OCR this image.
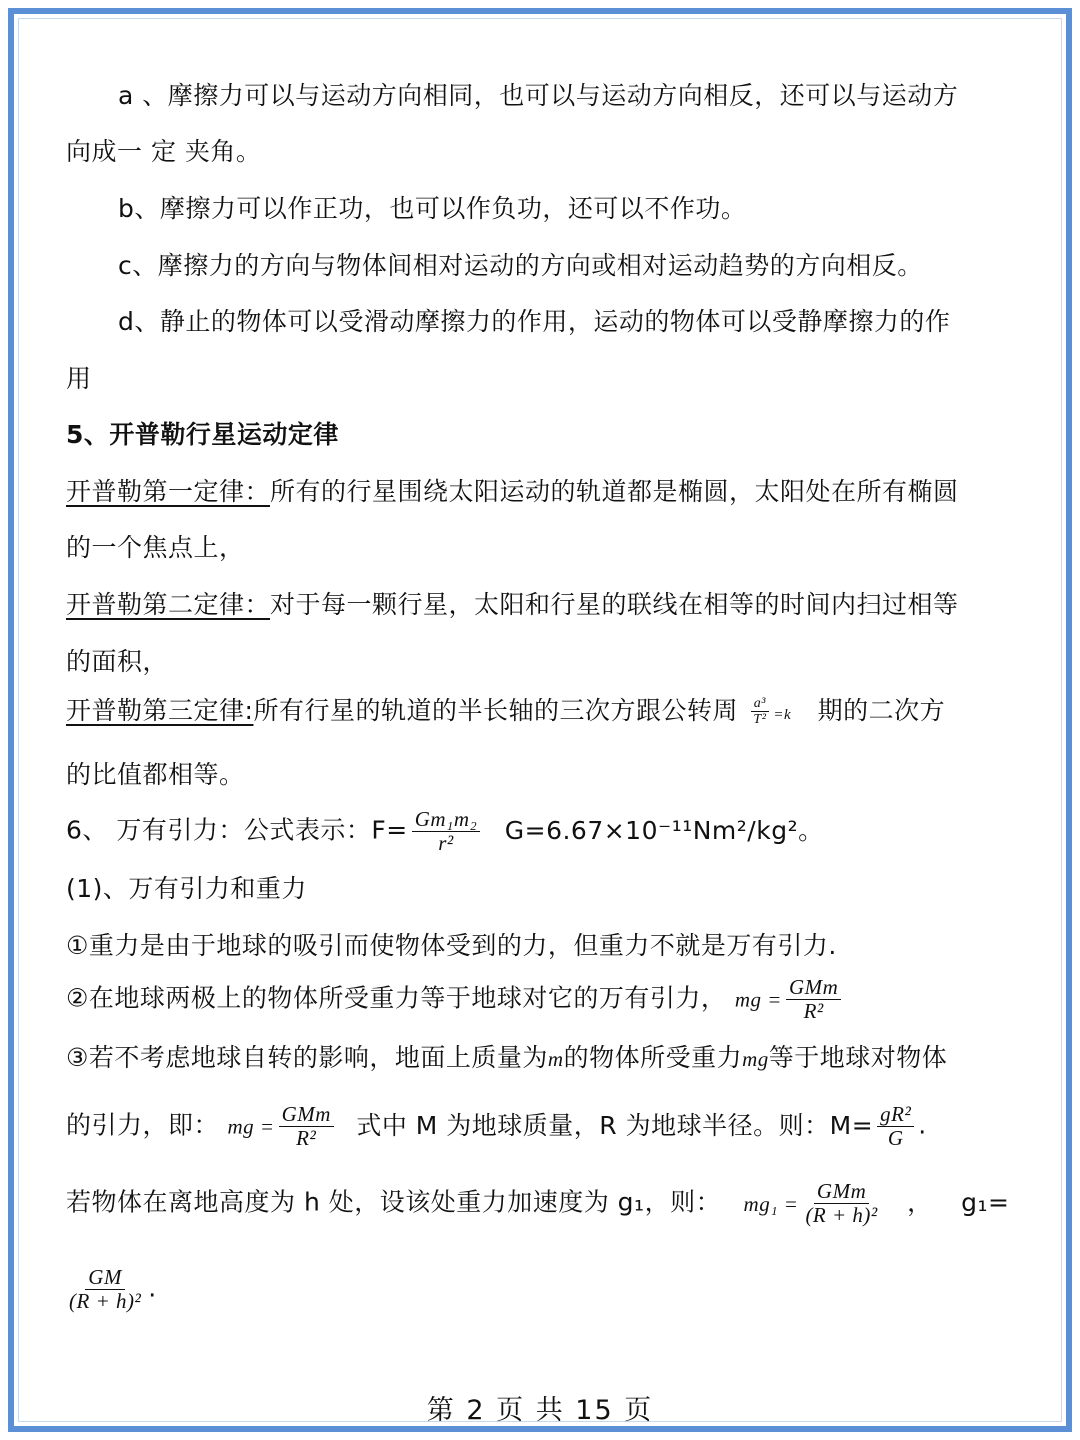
a 、摩擦力可以与运动方向相同，也可以与运动方向相反，还可以与运动方
向成一 定 夹角。
b、摩擦力可以作正功，也可以作负功，还可以不作功。
c、摩擦力的方向与物体间相对运动的方向或相对运动趋势的方向相反。
d、静止的物体可以受滑动摩擦力的作用，运动的物体可以受静摩擦力的作
用
5、开普勒行星运动定律
开普勒第一定律：所有的行星围绕太阳运动的轨道都是椭圆，太阳处在所有椭圆
的一个焦点上，
开普勒第二定律：对于每一颗行星，太阳和行星的联线在相等的时间内扫过相等
的面积，
开普勒第三定律:所有行星的轨道的半长轴的三次方跟公转周 $\frac{\text{a³}}{\text{T²}} =k$ 期的二次方
的比值都相等。
6、 万有引力：公式表示：$F= \frac{\text{Gm₁m₂}}{\text{r²}} G=6.67\times 10^{-11}Nm^2/kg^2$。
(1)、万有引力和重力
①重力是由于地球的吸引而使物体受到的力，但重力不就是万有引力.
②在地球两极上的物体所受重力等于地球对它的万有引力， mg = $\frac{\text{GMm}}{\text{R²}}$
③若不考虑地球自转的影响，地面上质量为m的物体所受重力mg等于地球对物体
的引力，即： mg = $\frac{\text{GMm}}{\text{R²}}$ 式中 M 为地球质量，R 为地球半径。则：$M= \frac{\text{gR²}}{G}$ .
若物体在离地高度为 h 处，设该处重力加速度为 g₁，则： $mg_1 = \frac{\text{GMm}}{\text{(R + h)²}}$ ， g₁=
$\frac{GM}{\text{(R + h)²}}$ .
第 2 页 共 15 页
